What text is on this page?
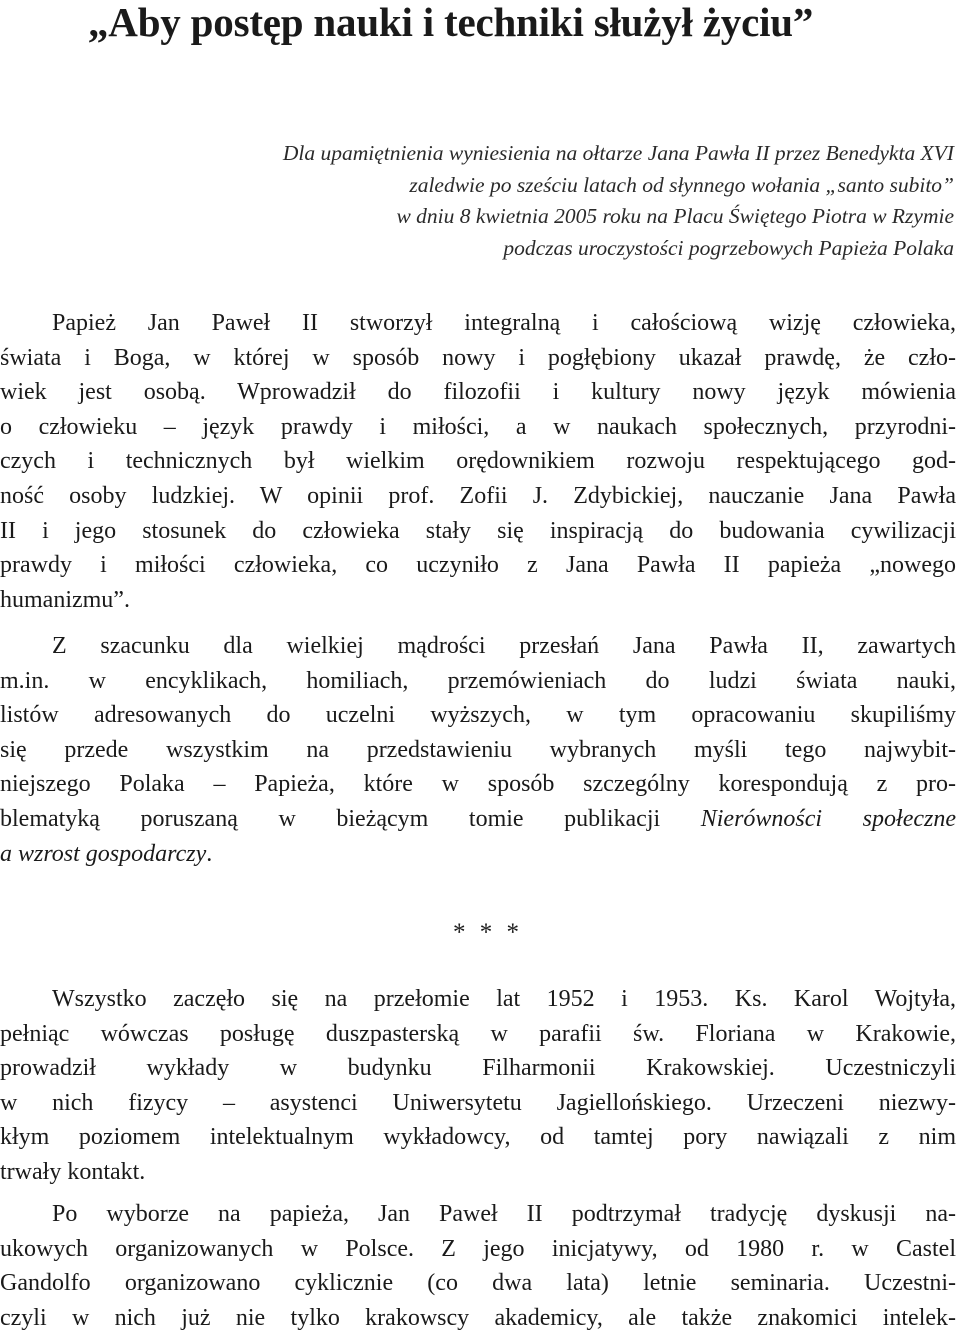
„Aby postęp nauki i techniki służył życiu”
Dla upamiętnienia wyniesienia na ołtarze Jana Pawła II przez Benedykta XVI
zaledwie po sześciu latach od słynnego wołania „santo subito”
w dniu 8 kwietnia 2005 roku na Placu Świętego Piotra w Rzymie
podczas uroczystości pogrzebowych Papieża Polaka
Papież Jan Paweł II stworzył integralną i całościową wizję człowieka,
świata i Boga, w której w sposób nowy i pogłębiony ukazał prawdę, że czło-
wiek jest osobą. Wprowadził do filozofii i kultury nowy język mówienia
o człowieku – język prawdy i miłości, a w naukach społecznych, przyrodni-
czych i technicznych był wielkim orędownikiem rozwoju respektującego god-
ność osoby ludzkiej. W opinii prof. Zofii J. Zdybickiej, nauczanie Jana Pawła
II i jego stosunek do człowieka stały się inspiracją do budowania cywilizacji
prawdy i miłości człowieka, co uczyniło z Jana Pawła II papieża „nowego
humanizmu”.
Z szacunku dla wielkiej mądrości przesłań Jana Pawła II, zawartych
m.in. w encyklikach, homiliach, przemówieniach do ludzi świata nauki,
listów adresowanych do uczelni wyższych, w tym opracowaniu skupiliśmy
się przede wszystkim na przedstawieniu wybranych myśli tego najwybit-
niejszego Polaka – Papieża, które w sposób szczególny korespondują z pro-
blematyką poruszaną w bieżącym tomie publikacji Nierówności społeczne
a wzrost gospodarczy.
* * *
Wszystko zaczęło się na przełomie lat 1952 i 1953. Ks. Karol Wojtyła,
pełniąc wówczas posługę duszpasterską w parafii św. Floriana w Krakowie,
prowadził wykłady w budynku Filharmonii Krakowskiej. Uczestniczyli
w nich fizycy – asystenci Uniwersytetu Jagiellońskiego. Urzeczeni niezwy-
kłym poziomem intelektualnym wykładowcy, od tamtej pory nawiązali z nim
trwały kontakt.
Po wyborze na papieża, Jan Paweł II podtrzymał tradycję dyskusji na-
ukowych organizowanych w Polsce. Z jego inicjatywy, od 1980 r. w Castel
Gandolfo organizowano cyklicznie (co dwa lata) letnie seminaria. Uczestni-
czyli w nich już nie tylko krakowscy akademicy, ale także znakomici intelek-
